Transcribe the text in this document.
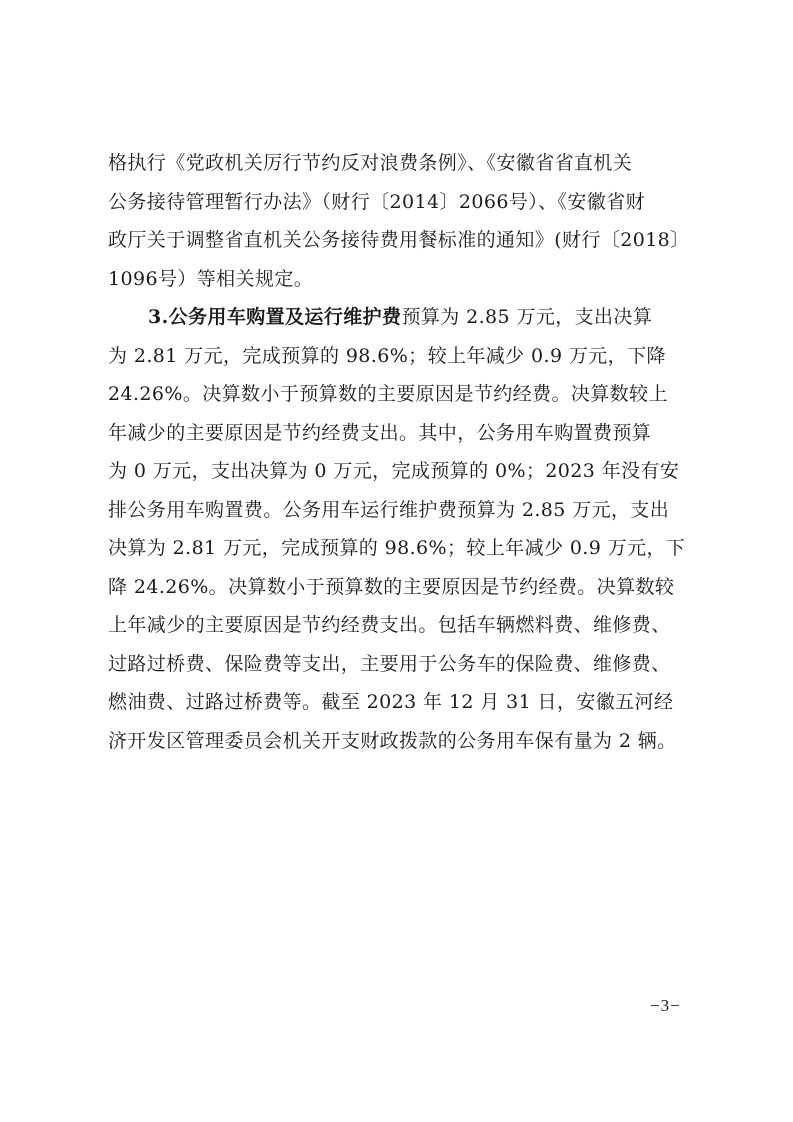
格执行《党政机关厉行节约反对浪费条例》、《安徽省省直机关
公务接待管理暂行办法》（财行〔2014〕2066号）、《安徽省财
政厅关于调整省直机关公务接待费用餐标准的通知》(财行〔2018〕
1096号）等相关规定。
3.公务用车购置及运行维护费预算为 2.85 万元，支出决算
为 2.81 万元，完成预算的 98.6%；较上年减少 0.9 万元，下降
24.26%。决算数小于预算数的主要原因是节约经费。决算数较上
年减少的主要原因是节约经费支出。其中，公务用车购置费预算
为 0 万元，支出决算为 0 万元，完成预算的 0%；2023 年没有安
排公务用车购置费。公务用车运行维护费预算为 2.85 万元，支出
决算为 2.81 万元，完成预算的 98.6%；较上年减少 0.9 万元，下
降 24.26%。决算数小于预算数的主要原因是节约经费。决算数较
上年减少的主要原因是节约经费支出。包括车辆燃料费、维修费、
过路过桥费、保险费等支出，主要用于公务车的保险费、维修费、
燃油费、过路过桥费等。截至 2023 年 12 月 31 日，安徽五河经
济开发区管理委员会机关开支财政拨款的公务用车保有量为 2 辆。
−3−
